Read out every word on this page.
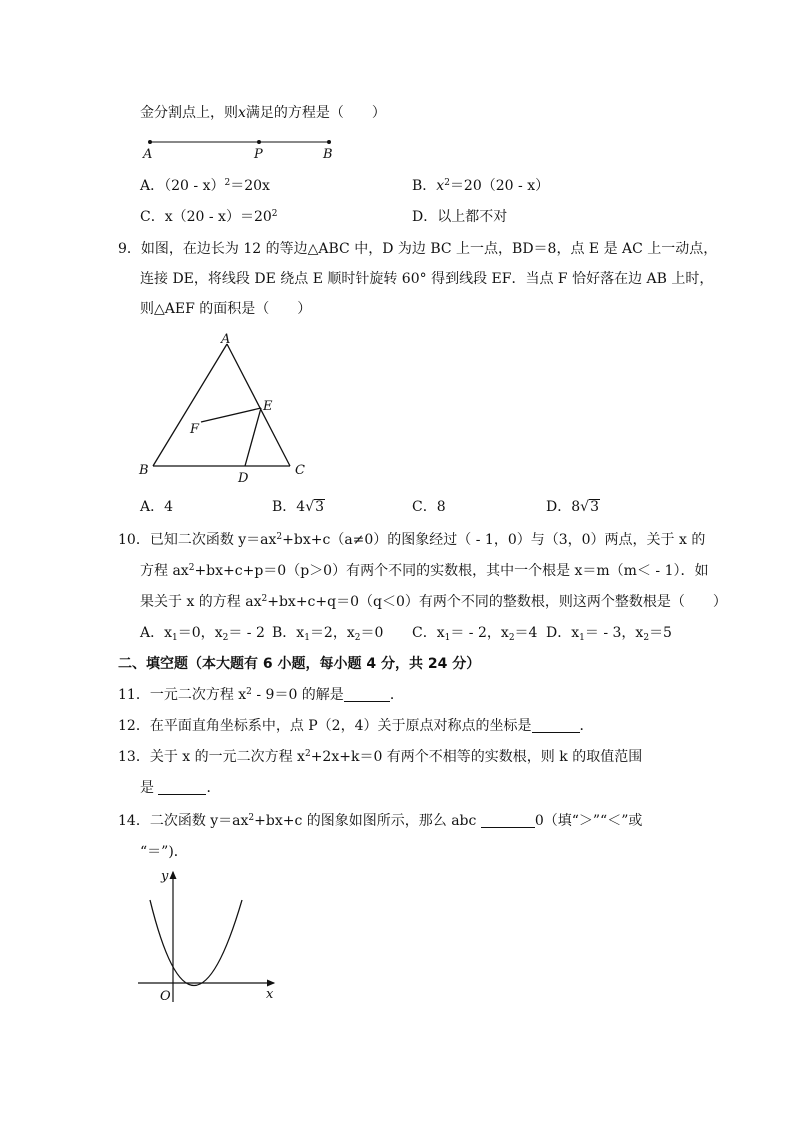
金分割点上，则x满足的方程是（　　）
A	P	B
A．（20 - x）$^2$＝20x	B．$x^2=20(20 - x)$
C．$x(20 - x)=20^2$	D．以上都不对
9．如图，在边长为 12 的等边△ABC 中，D 为边 BC 上一点，BD＝8，点 E 是 AC 上一动点，
连接 DE，将线段 DE 绕点 E 顺时针旋转 60° 得到线段 EF．当点 F 恰好落在边 AB 上时，
则△AEF 的面积是（　　）
A
B	C
D
E
F
A．4	B．4√3	C．8	D．8√3
10．已知二次函数 $y=ax^2+bx+c(a\ne 0)$的图象经过（ - 1，0）与（3，0）两点，关于 x 的
方程 $ax^2+bx+c+p=0(p>0)$有两个不同的实数根，其中一个根是 x＝m（m＜ - 1）．如
果关于 x 的方程 $ax^2+bx+c+q=0(q<0)$有两个不同的整数根，则这两个整数根是（　　）
A．$x_1=0$，$x_2= - 2$ B．$x_1=2$，$x_2=0$ C．$x_1= - 2$，$x_2=4$ D．$x_1= - 3$，$x_2=5$
二、填空题（本大题有 6 小题，每小题 4 分，共 24 分）
11．一元二次方程 $x^2 - 9=0$ 的解是	．
12．在平面直角坐标系中，点 P（2，4）关于原点对称点的坐标是	．
13．关于 x 的一元二次方程 $x^2+2x+k=0$ 有两个不相等的实数根，则 k 的取值范围
是	．
14．二次函数 $y=ax^2+bx+c$ 的图象如图所示，那么 abc	0（填“＞”“＜”或
“＝”)．
y
x
O
